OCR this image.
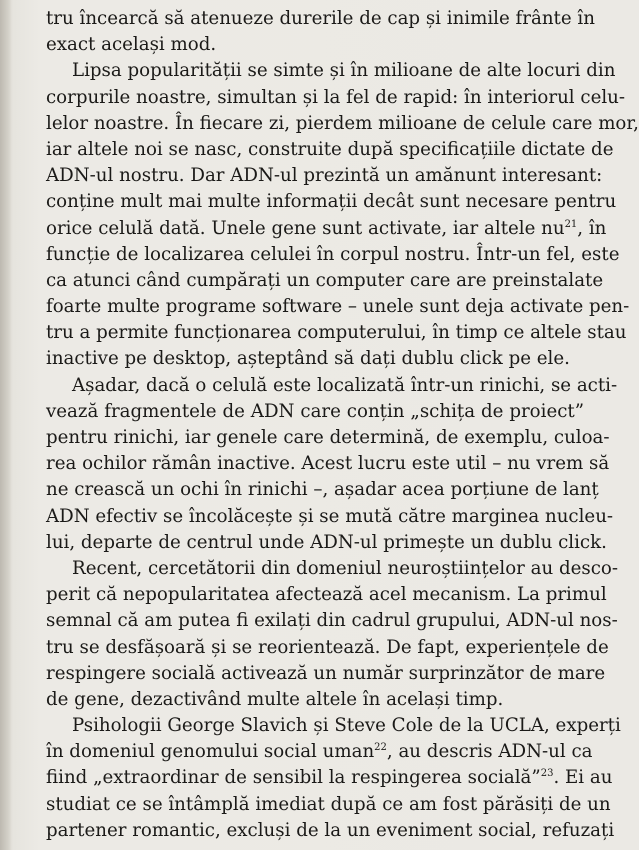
tru încearcă să atenueze durerile de cap și inimile frânte în
exact același mod.
Lipsa popularității se simte și în milioane de alte locuri din
corpurile noastre, simultan și la fel de rapid: în interiorul celu-
lelor noastre. În fiecare zi, pierdem milioane de celule care mor,
iar altele noi se nasc, construite după specificațiile dictate de
ADN-ul nostru. Dar ADN-ul prezintă un amănunt interesant:
conține mult mai multe informații decât sunt necesare pentru
orice celulă dată. Unele gene sunt activate, iar altele $nu^{21}$, în
funcție de localizarea celulei în corpul nostru. Într-un fel, este
ca atunci când cumpărați un computer care are preinstalate
foarte multe programe software – unele sunt deja activate pen-
tru a permite funcționarea computerului, în timp ce altele stau
inactive pe desktop, așteptând să dați dublu click pe ele.
Așadar, dacă o celulă este localizată într-un rinichi, se acti-
vează fragmentele de ADN care conțin „schița de proiect”
pentru rinichi, iar genele care determină, de exemplu, culoa-
rea ochilor rămân inactive. Acest lucru este util – nu vrem să
ne crească un ochi în rinichi –, așadar acea porțiune de lanț
ADN efectiv se încolăcește și se mută către marginea nucleu-
lui, departe de centrul unde ADN-ul primește un dublu click.
Recent, cercetătorii din domeniul neuroștiințelor au desco-
perit că nepopularitatea afectează acel mecanism. La primul
semnal că am putea fi exilați din cadrul grupului, ADN-ul nos-
tru se desfășoară și se reorientează. De fapt, experiențele de
respingere socială activează un număr surprinzător de mare
de gene, dezactivând multe altele în același timp.
Psihologii George Slavich și Steve Cole de la UCLA, experți
în domeniul genomului social uman$^{22}$, au descris ADN-ul ca
fiind „extraordinar de sensibil la respingerea socială”$^{23}$. Ei au
studiat ce se întâmplă imediat după ce am fost părăsiți de un
partener romantic, excluși de la un eveniment social, refuzați
